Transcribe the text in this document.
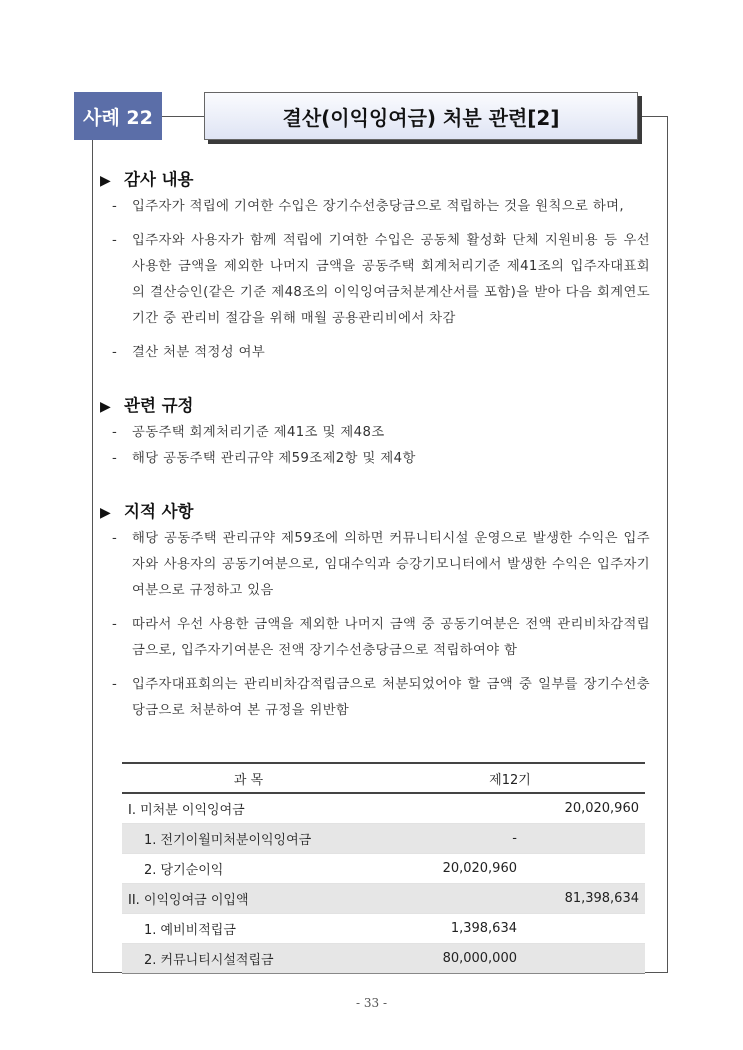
사례 22	결산(이익잉여금) 처분 관련[2]
▶ 감사 내용
- 입주자가 적립에 기여한 수입은 장기수선충당금으로 적립하는 것을 원칙으로 하며,
- 입주자와 사용자가 함께 적립에 기여한 수입은 공동체 활성화 단체 지원비용 등 우선 사용한 금액을 제외한 나머지 금액을 공동주택 회계처리기준 제41조의 입주자대표회의 결산승인(같은 기준 제48조의 이익잉여금처분계산서를 포함)을 받아 다음 회계연도 기간 중 관리비 절감을 위해 매월 공용관리비에서 차감
- 결산 처분 적정성 여부
▶ 관련 규정
- 공동주택 회계처리기준 제41조 및 제48조
- 해당 공동주택 관리규약 제59조제2항 및 제4항
▶ 지적 사항
- 해당 공동주택 관리규약 제59조에 의하면 커뮤니티시설 운영으로 발생한 수익은 입주자와 사용자의 공동기여분으로, 임대수익과 승강기모니터에서 발생한 수익은 입주자기여분으로 규정하고 있음
- 따라서 우선 사용한 금액을 제외한 나머지 금액 중 공동기여분은 전액 관리비차감적립금으로, 입주자기여분은 전액 장기수선충당금으로 적립하여야 함
- 입주자대표회의는 관리비차감적립금으로 처분되었어야 할 금액 중 일부를 장기수선충당금으로 처분하여 본 규정을 위반함
과 목	제12기	
I. 미처분 이익잉여금		20,020,960
1. 전기이월미처분이익잉여금	-	
2. 당기순이익	20,020,960	
II. 이익잉여금 이입액		81,398,634
1. 예비비적립금	1,398,634	
2. 커뮤니티시설적립금	80,000,000	
- 33 -
